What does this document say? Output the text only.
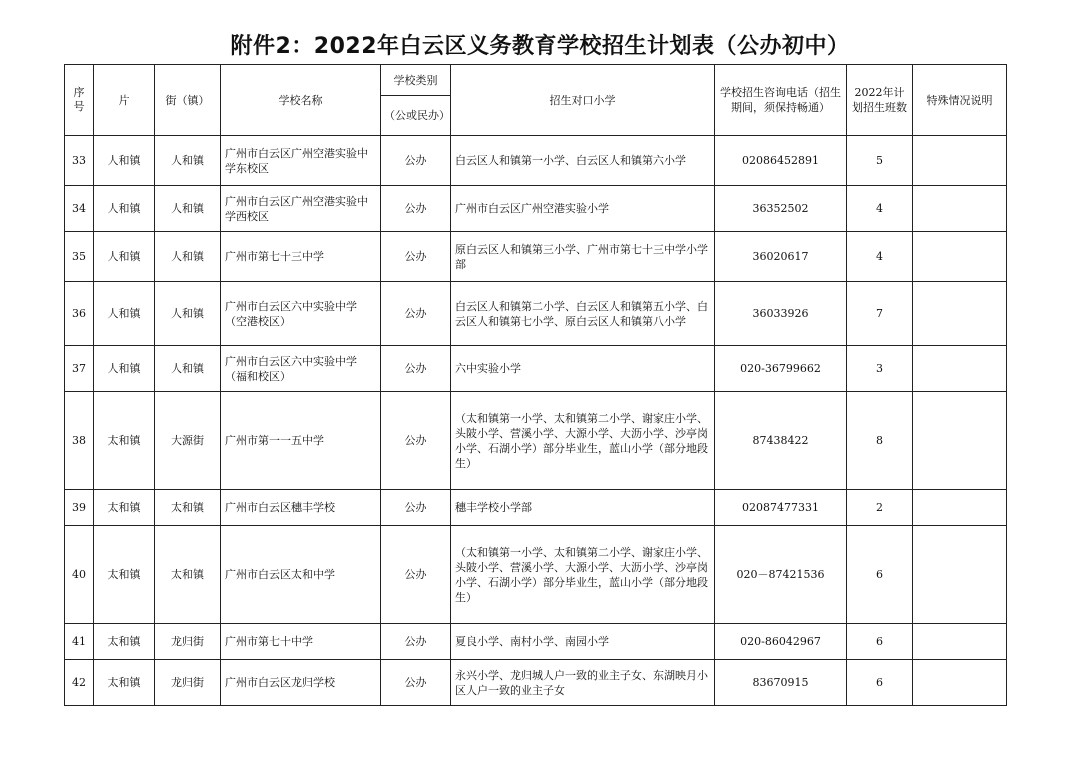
附件2：2022年白云区义务教育学校招生计划表（公办初中）
序号	片	街（镇）	学校名称	学校类别	招生对口小学	学校招生咨询电话（招生期间，须保持畅通）	2022年计划招生班数	特殊情况说明
				（公或民办）				
33	人和镇	人和镇	广州市白云区广州空港实验中学东校区	公办	白云区人和镇第一小学、白云区人和镇第六小学	02086452891	5	
34	人和镇	人和镇	广州市白云区广州空港实验中学西校区	公办	广州市白云区广州空港实验小学	36352502	4	
35	人和镇	人和镇	广州市第七十三中学	公办	原白云区人和镇第三小学、广州市第七十三中学小学部	36020617	4	
36	人和镇	人和镇	广州市白云区六中实验中学（空港校区）	公办	白云区人和镇第二小学、白云区人和镇第五小学、白云区人和镇第七小学、原白云区人和镇第八小学	36033926	7	
37	人和镇	人和镇	广州市白云区六中实验中学（福和校区）	公办	六中实验小学	020-36799662	3	
38	太和镇	大源街	广州市第一一五中学	公办	（太和镇第一小学、太和镇第二小学、谢家庄小学、头陂小学、营溪小学、大源小学、大沥小学、沙亭岗小学、石湖小学）部分毕业生，蓝山小学（部分地段生）	87438422	8	
39	太和镇	太和镇	广州市白云区穗丰学校	公办	穗丰学校小学部	02087477331	2	
40	太和镇	太和镇	广州市白云区太和中学	公办	（太和镇第一小学、太和镇第二小学、谢家庄小学、头陂小学、营溪小学、大源小学、大沥小学、沙亭岗小学、石湖小学）部分毕业生，蓝山小学（部分地段生）	020－87421536	6	
41	太和镇	龙归街	广州市第七十中学	公办	夏良小学、南村小学、南园小学	020-86042967	6	
42	太和镇	龙归街	广州市白云区龙归学校	公办	永兴小学、龙归城人户一致的业主子女、东湖映月小区人户一致的业主子女	83670915	6	
